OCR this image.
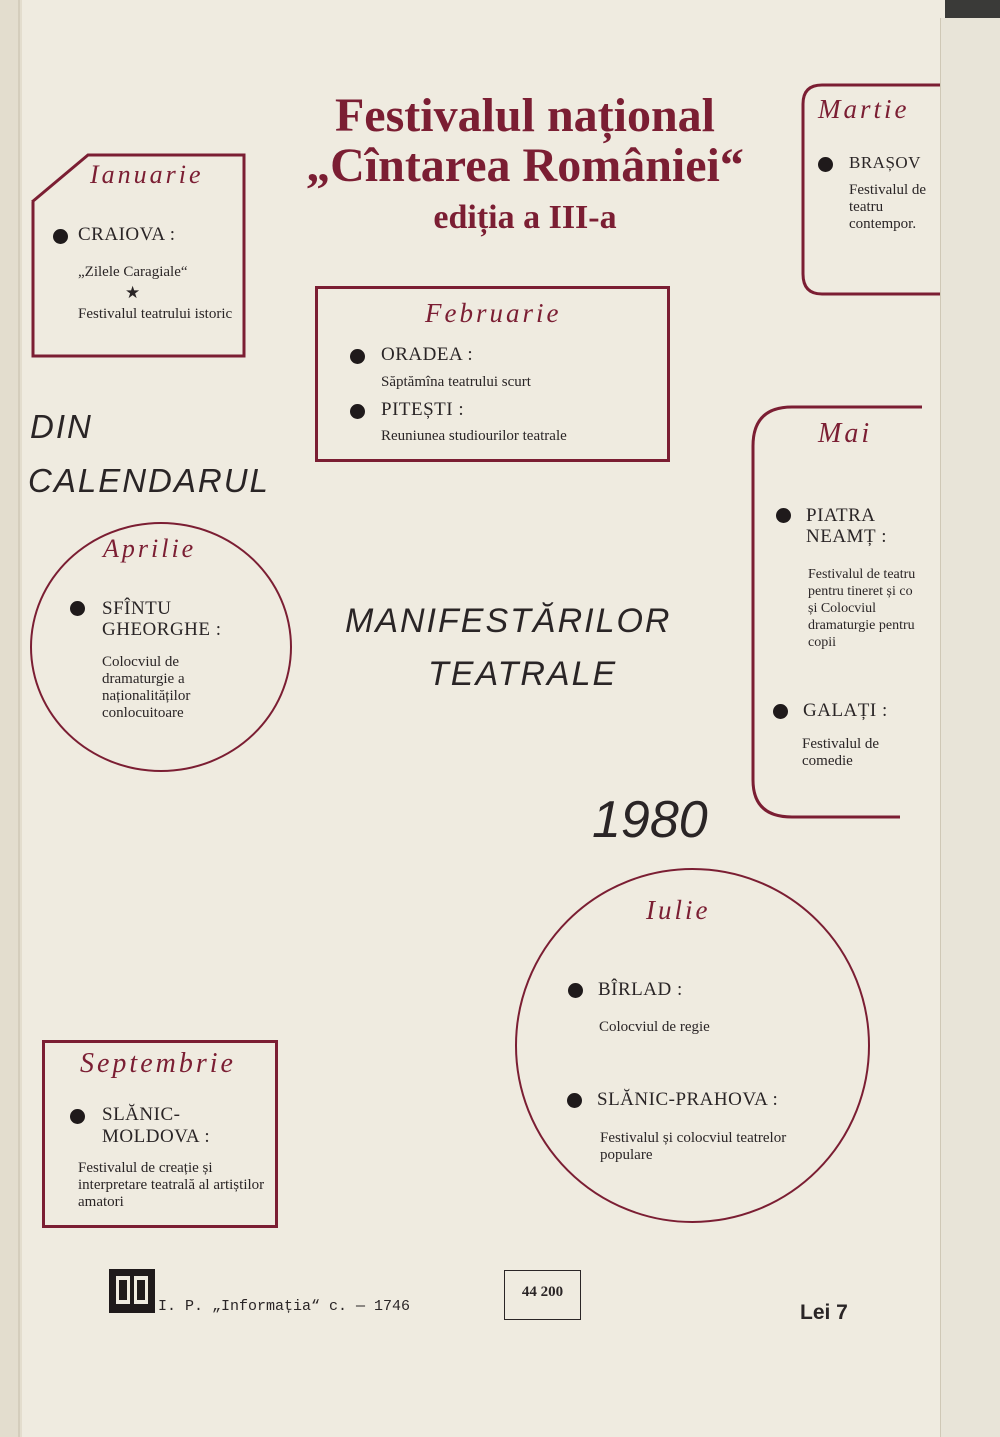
Festivalul național
„Cîntarea României“
ediția a III-a
Ianuarie
CRAIOVA :
„Zilele Caragiale“
★
Festivalul teatrului istoric	Februarie
ORADEA :
Săptămîna teatrului scurt
PITEȘTI :
Reuniunea studiourilor teatrale
Martie
BRAȘOV
Festivalul de teatru contempor.
DIN
CALENDARUL
Aprilie
SFÎNTU GHEORGHE :
Colocviul de dramaturgie a naționalităților conlocuitoare
MANIFESTĂRILOR
TEATRALE
Mai
PIATRA NEAMȚ :
Festivalul de teatru pentru tineret și co și Colocviul dramaturgie pentru copii
GALAȚI :
Festivalul de comedie
1980
Iulie
BÎRLAD :
Colocviul de regie
SLĂNIC-PRAHOVA :
Festivalul și colocviul teatrelor populare
Septembrie
SLĂNIC-MOLDOVA :
Festivalul de creație și interpretare teatrală al artiștilor amatori
I. P. „Informația“ c. — 1746
44 200
Lei 7
